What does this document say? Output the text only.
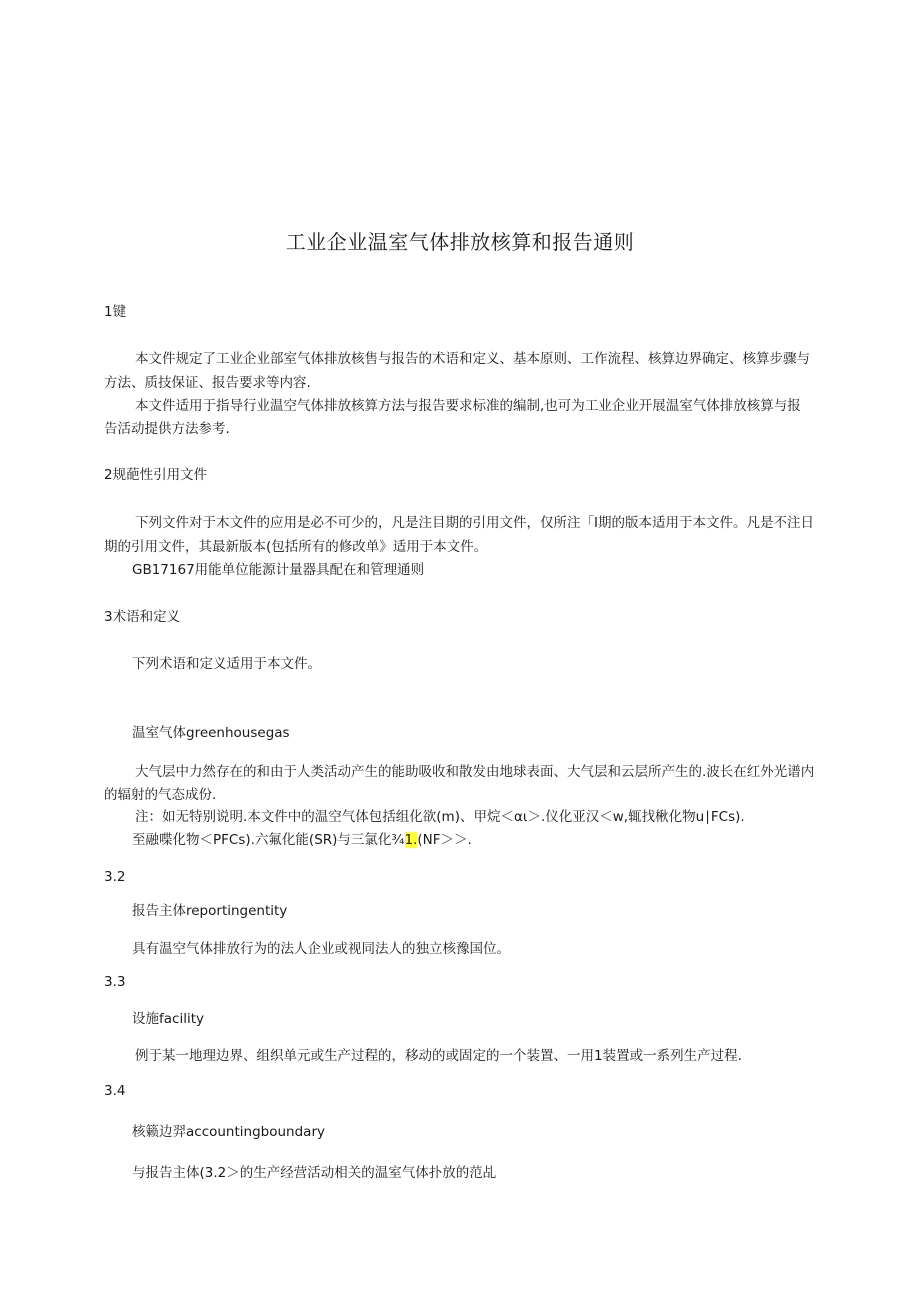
工业企业温室气体排放核算和报告通则
1键
本文件规定了工业企业部室气体排放核售与报告的术语和定义、基本原则、工作流程、核算边界确定、核算步骤与
方法、质技保证、报告要求等内容.
本文件适用于指导行业温空气体排放核算方法与报告要求标准的编制,也可为工业企业开展温室气体排放核算与报
告活动提供方法参考.
2规葩性引用文件
下列文件对于木文件的应用是必不可少的，凡是注目期的引用文件，仅所注「I期的版本适用于本文件。凡是不注日
期的引用文件，其最新版本(包括所有的修改单》适用于本文件。
GB17167用能单位能源计量器具配在和管理通则
3术语和定义
下列术语和定义适用于本文件。
温室气体greenhousegas
大气层中力然存在的和由于人类活动产生的能助吸收和散发由地球表面、大气层和云层所产生的.波长在红外光谱内
的辐射的气态成份.
注：如无特别说明.本文件中的温空气体包括组化欲(m)、甲烷＜αι＞.仪化亚汉＜w,辄找楸化物u∣FCs).
至融喋化物＜PFCs).六氟化能(SR)与三氯化¾1.(NF＞＞.
3.2
报告主体reportingentity
具有温空气体排放行为的法人企业或视同法人的独立核豫国位。
3.3
设施facility
例于某一地理边界、组织单元或生产过程的，移动的或固定的一个装置、一用1装置或一系列生产过程.
3.4
核籁边羿accountingboundary
与报告主体(3.2＞的生产经营活动相关的温室气体扑放的范乩
